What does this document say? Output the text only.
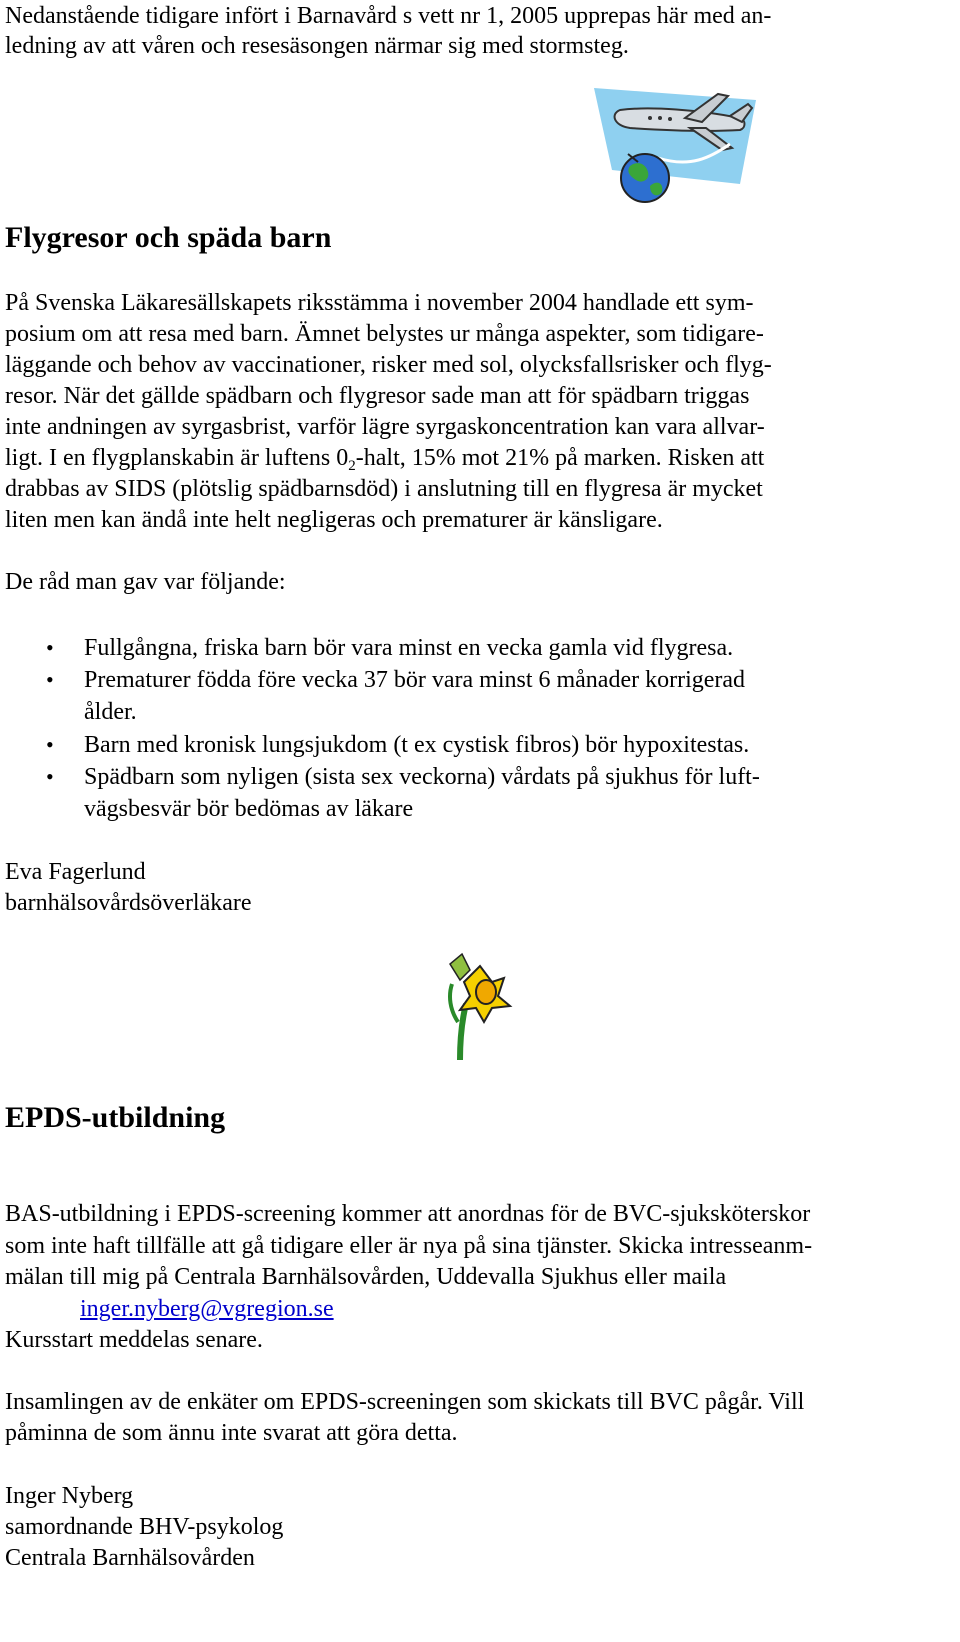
Nedanstående tidigare infört i Barnavård s vett nr 1, 2005 upprepas här med an-
ledning av att våren och resesäsongen närmar sig med stormsteg.
Flygresor och späda barn
På Svenska Läkaresällskapets riksstämma i november 2004 handlade ett sym-
posium om att resa med barn. Ämnet belystes ur många aspekter, som tidigare-
läggande och behov av vaccinationer, risker med sol, olycksfallsrisker och flyg-
resor. När det gällde spädbarn och flygresor sade man att för spädbarn triggas
inte andningen av syrgasbrist, varför lägre syrgaskoncentration kan vara allvar-
ligt. I en flygplanskabin är luftens $0_2$-halt, 15% mot 21% på marken. Risken att
drabbas av SIDS (plötslig spädbarnsdöd) i anslutning till en flygresa är mycket
liten men kan ändå inte helt negligeras och prematurer är känsligare.
De råd man gav var följande:
• Fullgångna, friska barn bör vara minst en vecka gamla vid flygresa.
• Prematurer födda före vecka 37 bör vara minst 6 månader korrigerad
ålder.
• Barn med kronisk lungsjukdom (t ex cystisk fibros) bör hypoxitestas.
• Spädbarn som nyligen (sista sex veckorna) vårdats på sjukhus för luft-
vägsbesvär bör bedömas av läkare
Eva Fagerlund
barnhälsovårdsöverläkare
EPDS-utbildning
BAS-utbildning i EPDS-screening kommer att anordnas för de BVC-sjuksköterskor
som inte haft tillfälle att gå tidigare eller är nya på sina tjänster. Skicka intresseanm-
mälan till mig på Centrala Barnhälsovården, Uddevalla Sjukhus eller maila
inger.nyberg@vgregion.se
Kursstart meddelas senare.
Insamlingen av de enkäter om EPDS-screeningen som skickats till BVC pågår. Vill
påminna de som ännu inte svarat att göra detta.
Inger Nyberg
samordnande BHV-psykolog
Centrala Barnhälsovården
